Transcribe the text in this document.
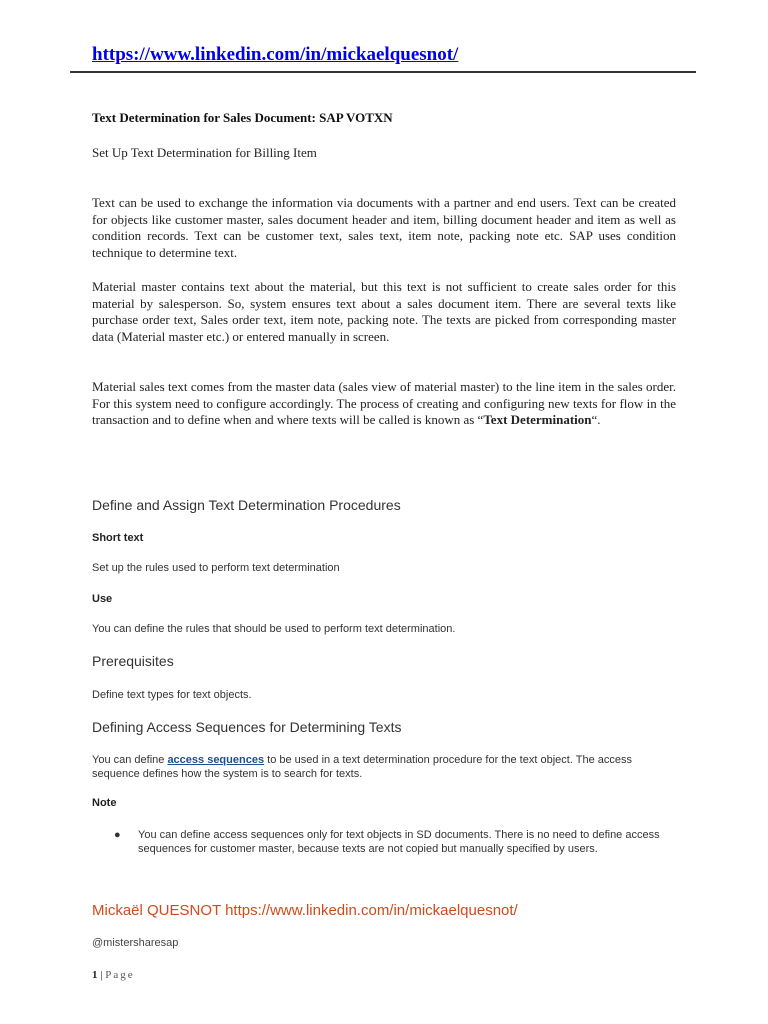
https://www.linkedin.com/in/mickaelquesnot/
Text Determination for Sales Document: SAP VOTXN
Set Up Text Determination for Billing Item
Text can be used to exchange the information via documents with a partner and end users. Text can be created for objects like customer master, sales document header and item, billing document header and item as well as condition records. Text can be customer text, sales text, item note, packing note etc. SAP uses condition technique to determine text.
Material master contains text about the material, but this text is not sufficient to create sales order for this material by salesperson. So, system ensures text about a sales document item. There are several texts like purchase order text, Sales order text, item note, packing note. The texts are picked from corresponding master data (Material master etc.) or entered manually in screen.
Material sales text comes from the master data (sales view of material master) to the line item in the sales order. For this system need to configure accordingly. The process of creating and configuring new texts for flow in the transaction and to define when and where texts will be called is known as “Text Determination“.
Define and Assign Text Determination Procedures
Short text
Set up the rules used to perform text determination
Use
You can define the rules that should be used to perform text determination.
Prerequisites
Define text types for text objects.
Defining Access Sequences for Determining Texts
You can define access sequences to be used in a text determination procedure for the text object. The access sequence defines how the system is to search for texts.
Note
● You can define access sequences only for text objects in SD documents. There is no need to define access sequences for customer master, because texts are not copied but manually specified by users.
Mickaël QUESNOT https://www.linkedin.com/in/mickaelquesnot/
@mistersharesap
1 | Page
